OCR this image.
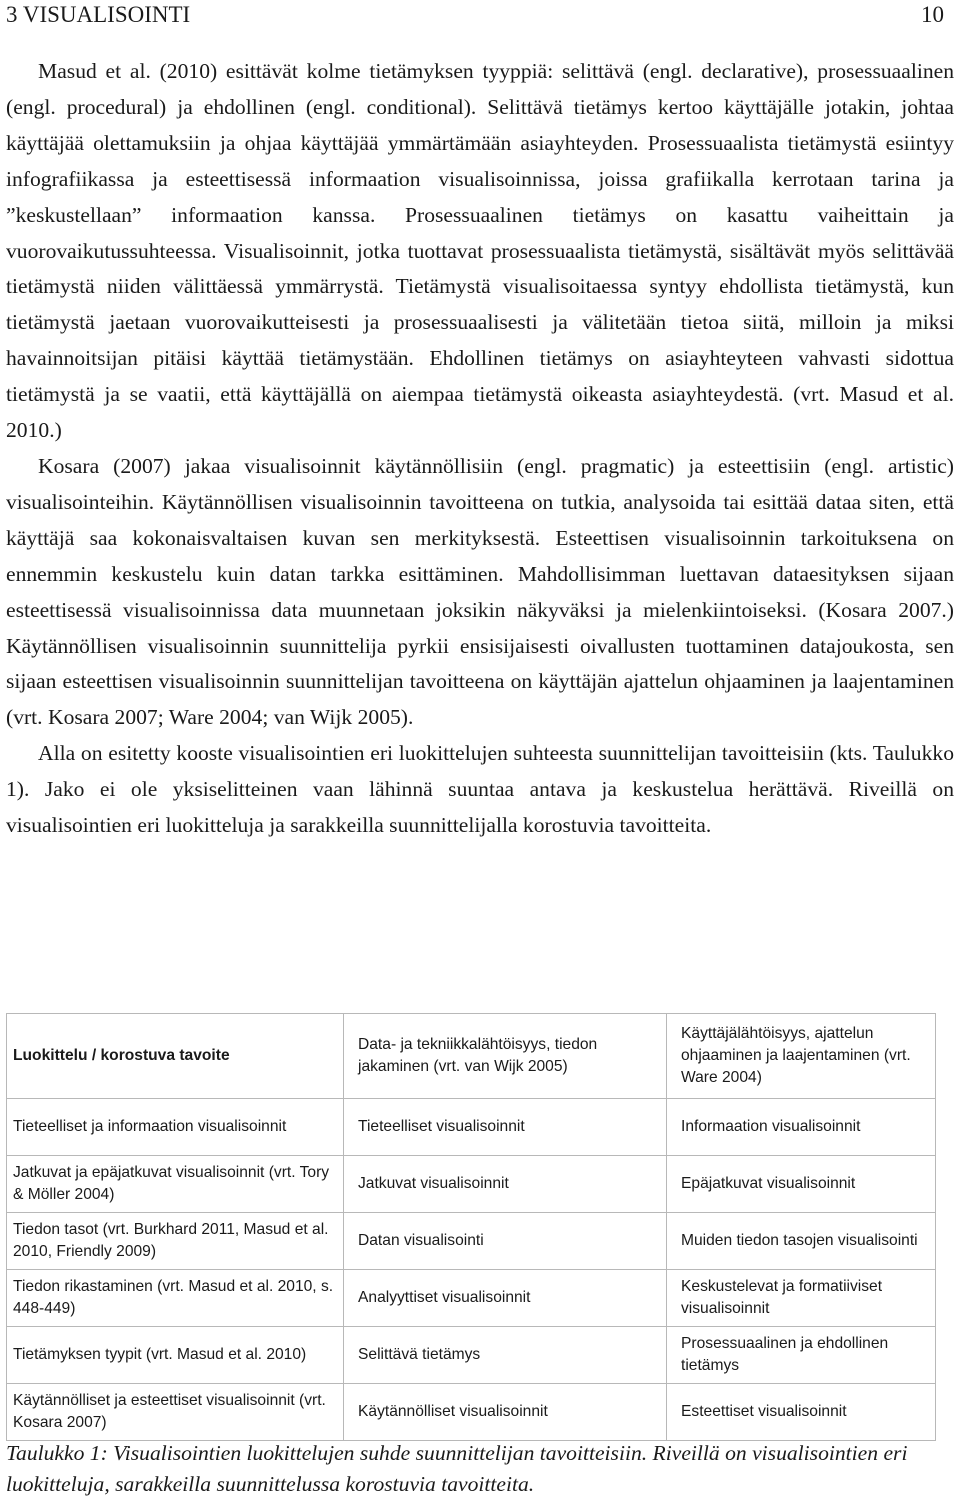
3 VISUALISOINTI	10

Masud et al. (2010) esittävät kolme tietämyksen tyyppiä: selittävä (engl. declarative), prosessuaalinen (engl. procedural) ja ehdollinen (engl. conditional). Selittävä tietämys kertoo käyttäjälle jotakin, johtaa käyttäjää olettamuksiin ja ohjaa käyttäjää ymmärtämään asiayhteyden. Prosessuaalista tietämystä esiintyy infografiikassa ja esteettisessä informaation visualisoinnissa, joissa grafiikalla kerrotaan tarina ja ”keskustellaan” informaation kanssa. Prosessuaalinen tietämys on kasattu vaiheittain ja vuorovaikutussuhteessa. Visualisoinnit, jotka tuottavat prosessuaalista tietämystä, sisältävät myös selittävää tietämystä niiden välittäessä ymmärrystä. Tietämystä visualisoitaessa syntyy ehdollista tietämystä, kun tietämystä jaetaan vuorovaikutteisesti ja prosessuaalisesti ja välitetään tietoa siitä, milloin ja miksi havainnoitsijan pitäisi käyttää tietämystään. Ehdollinen tietämys on asiayhteyteen vahvasti sidottua tietämystä ja se vaatii, että käyttäjällä on aiempaa tietämystä oikeasta asiayhteydestä. (vrt. Masud et al. 2010.)

Kosara (2007) jakaa visualisoinnit käytännöllisiin (engl. pragmatic) ja esteettisiin (engl. artistic) visualisointeihin. Käytännöllisen visualisoinnin tavoitteena on tutkia, analysoida tai esittää dataa siten, että käyttäjä saa kokonaisvaltaisen kuvan sen merkityksestä. Esteettisen visualisoinnin tarkoituksena on ennemmin keskustelu kuin datan tarkka esittäminen. Mahdollisimman luettavan dataesityksen sijaan esteettisessä visualisoinnissa data muunnetaan joksikin näkyväksi ja mielenkiintoiseksi. (Kosara 2007.) Käytännöllisen visualisoinnin suunnittelija pyrkii ensisijaisesti oivallusten tuottaminen datajoukosta, sen sijaan esteettisen visualisoinnin suunnittelijan tavoitteena on käyttäjän ajattelun ohjaaminen ja laajentaminen (vrt. Kosara 2007; Ware 2004; van Wijk 2005).

Alla on esitetty kooste visualisointien eri luokittelujen suhteesta suunnittelijan tavoitteisiin (kts. Taulukko 1). Jako ei ole yksiselitteinen vaan lähinnä suuntaa antava ja keskustelua herättävä. Riveillä on visualisointien eri luokitteluja ja sarakkeilla suunnittelijalla korostuvia tavoitteita.

Luokittelu / korostuva tavoite	Data- ja tekniikkalähtöisyys, tiedon jakaminen (vrt. van Wijk 2005)	Käyttäjälähtöisyys, ajattelun ohjaaminen ja laajentaminen (vrt. Ware 2004)
Tieteelliset ja informaation visualisoinnit	Tieteelliset visualisoinnit	Informaation visualisoinnit
Jatkuvat ja epäjatkuvat visualisoinnit (vrt. Tory & Möller 2004)	Jatkuvat visualisoinnit	Epäjatkuvat visualisoinnit
Tiedon tasot (vrt. Burkhard 2011, Masud et al. 2010, Friendly 2009)	Datan visualisointi	Muiden tiedon tasojen visualisointi
Tiedon rikastaminen (vrt. Masud et al. 2010, s. 448-449)	Analyyttiset visualisoinnit	Keskustelevat ja formatiiviset visualisoinnit
Tietämyksen tyypit (vrt. Masud et al. 2010)	Selittävä tietämys	Prosessuaalinen ja ehdollinen tietämys
Käytännölliset ja esteettiset visualisoinnit (vrt. Kosara 2007)	Käytännölliset visualisoinnit	Esteettiset visualisoinnit
Taulukko 1: Visualisointien luokittelujen suhde suunnittelijan tavoitteisiin. Riveillä on visualisointien eri luokitteluja, sarakkeilla suunnittelussa korostuvia tavoitteita.
